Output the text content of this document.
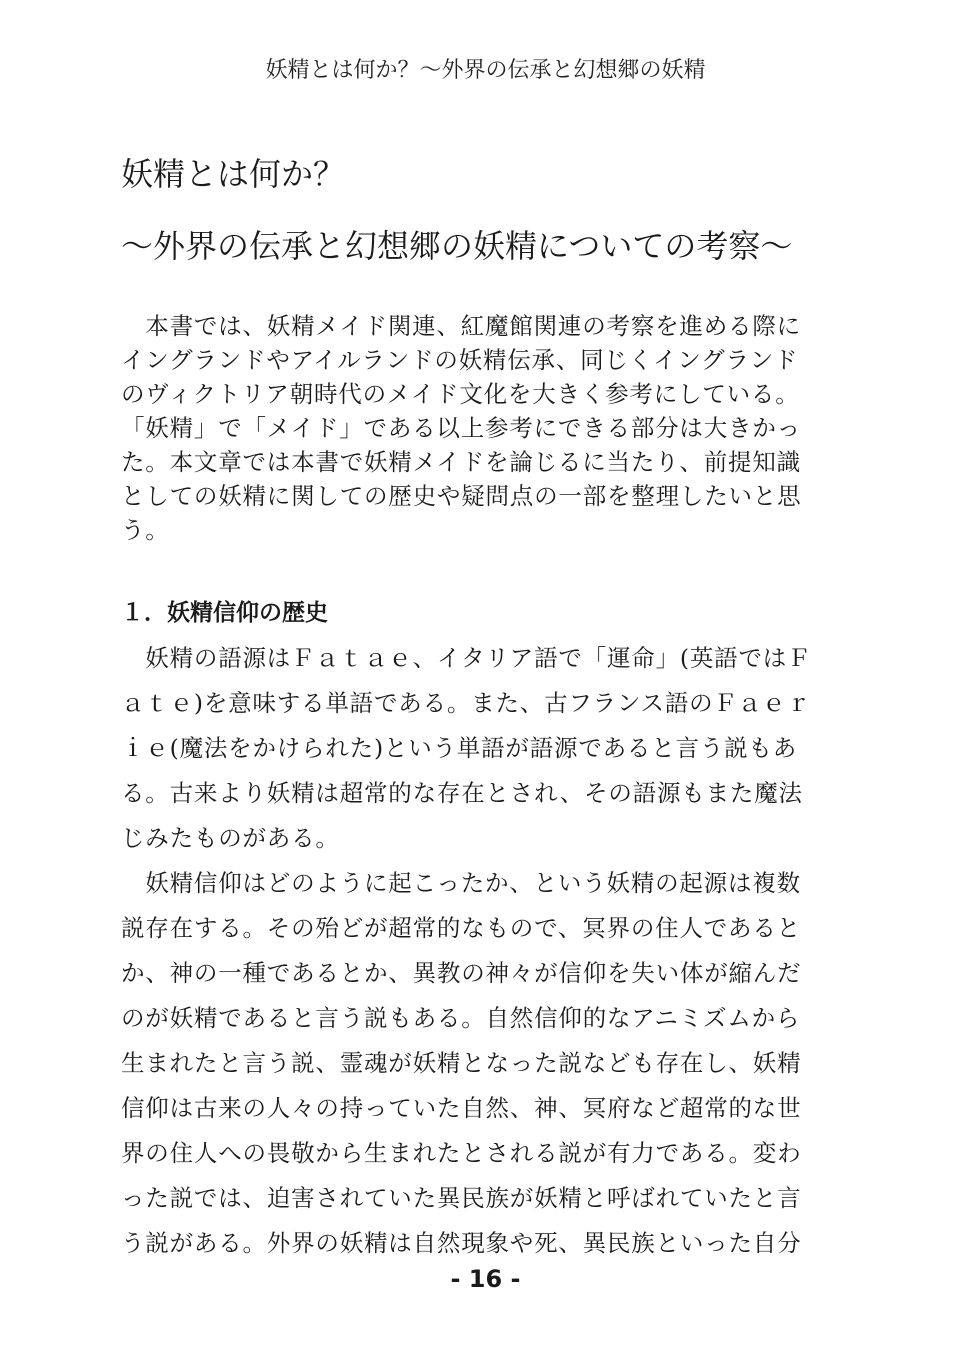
妖精とは何か？〜外界の伝承と幻想郷の妖精
妖精とは何か？
〜外界の伝承と幻想郷の妖精についての考察〜
　本書では、妖精メイド関連、紅魔館関連の考察を進める際に
イングランドやアイルランドの妖精伝承、同じくイングランド
のヴィクトリア朝時代のメイド文化を大きく参考にしている。
「妖精」で「メイド」である以上参考にできる部分は大きかっ
た。本文章では本書で妖精メイドを論じるに当たり、前提知識
としての妖精に関しての歴史や疑問点の一部を整理したいと思
う。
１．妖精信仰の歴史
　妖精の語源はＦａｔａｅ、イタリア語で「運命」(英語ではＦ
ａｔｅ)を意味する単語である。また、古フランス語のＦａｅｒ
ｉｅ(魔法をかけられた)という単語が語源であると言う説もあ
る。古来より妖精は超常的な存在とされ、その語源もまた魔法
じみたものがある。
　妖精信仰はどのように起こったか、という妖精の起源は複数
説存在する。その殆どが超常的なもので、冥界の住人であると
か、神の一種であるとか、異教の神々が信仰を失い体が縮んだ
のが妖精であると言う説もある。自然信仰的なアニミズムから
生まれたと言う説、霊魂が妖精となった説なども存在し、妖精
信仰は古来の人々の持っていた自然、神、冥府など超常的な世
界の住人への畏敬から生まれたとされる説が有力である。変わ
った説では、迫害されていた異民族が妖精と呼ばれていたと言
う説がある。外界の妖精は自然現象や死、異民族といった自分
- 16 -
